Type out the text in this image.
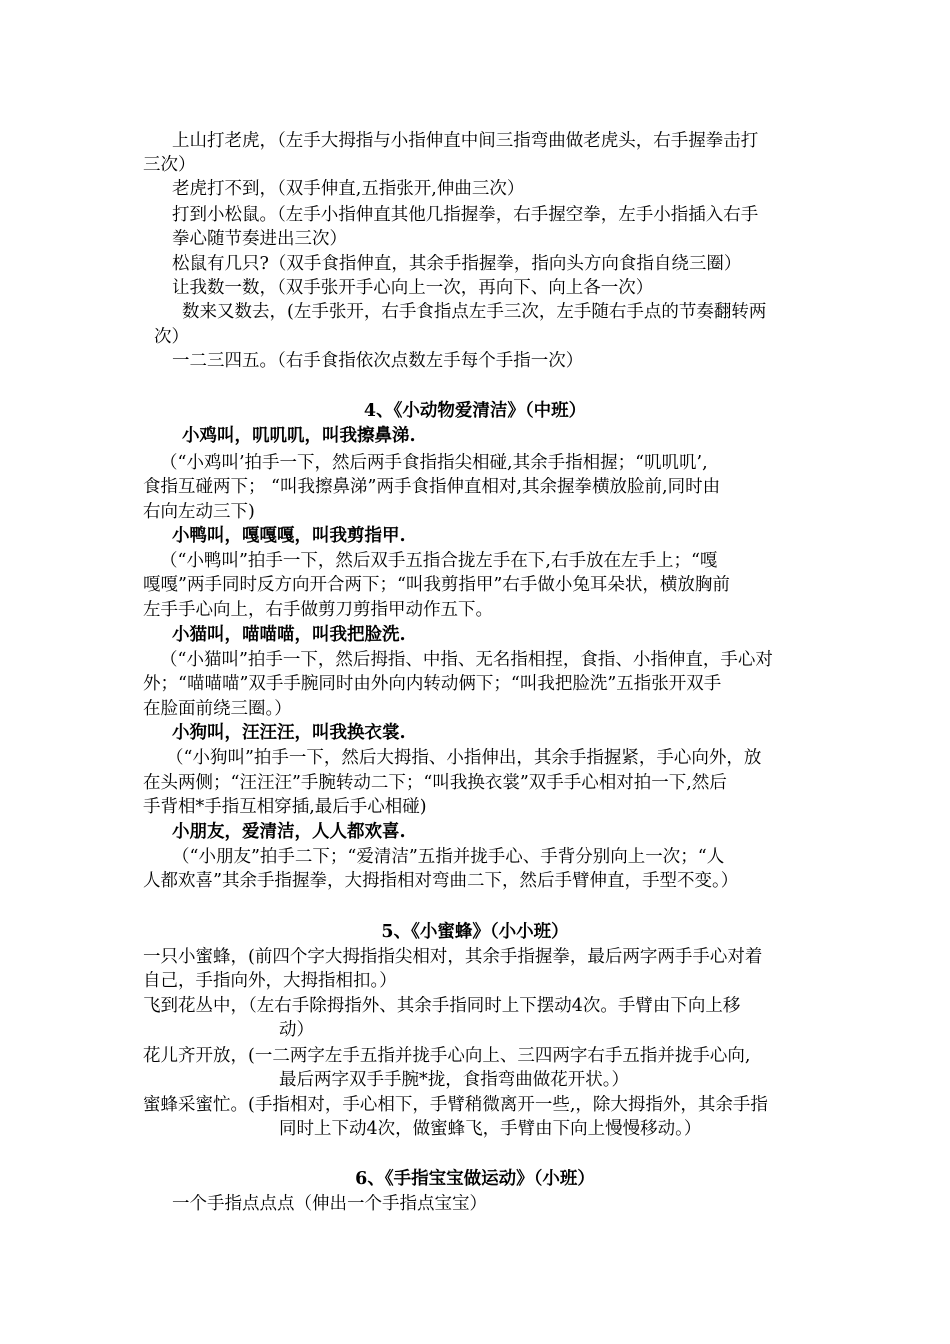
上山打老虎，（左手大拇指与小指伸直中间三指弯曲做老虎头，右手握拳击打

三次）

老虎打不到，（双手伸直,五指张开,伸曲三次）

打到小松鼠。（左手小指伸直其他几指握拳，右手握空拳，左手小指插入右手

拳心随节奏进出三次）

松鼠有几只?（双手食指伸直，其余手指握拳，指向头方向食指自绕三圈）

让我数一数，（双手张开手心向上一次，再向下、向上各一次）

数来又数去，(左手张开，右手食指点左手三次，左手随右手点的节奏翻转两

次）

一二三四五。（右手食指依次点数左手每个手指一次）

4、《小动物爱清洁》（中班）

小鸡叫，叽叽叽，叫我擦鼻涕.

（“小鸡叫’拍手一下，然后两手食指指尖相碰,其余手指相握；“叽叽叽’,

食指互碰两下； “叫我擦鼻涕”两手食指伸直相对,其余握拳横放脸前,同时由

右向左动三下)

小鸭叫，嘎嘎嘎，叫我剪指甲.

（“小鸭叫”拍手一下，然后双手五指合拢左手在下,右手放在左手上；“嘎

嘎嘎”两手同时反方向开合两下；“叫我剪指甲”右手做小兔耳朵状，横放胸前

左手手心向上，右手做剪刀剪指甲动作五下。

小猫叫，喵喵喵，叫我把脸洗.

（“小猫叫”拍手一下，然后拇指、中指、无名指相捏，食指、小指伸直，手心对

外；“喵喵喵”双手手腕同时由外向内转动俩下；“叫我把脸洗”五指张开双手

在脸面前绕三圈。）

小狗叫，汪汪汪，叫我换衣裳.

（“小狗叫”拍手一下，然后大拇指、小指伸出，其余手指握紧，手心向外，放

在头两侧；“汪汪汪”手腕转动二下；“叫我换衣裳”双手手心相对拍一下,然后

手背相*手指互相穿插,最后手心相碰)

小朋友，爱清洁，人人都欢喜.

（“小朋友”拍手二下；“爱清洁”五指并拢手心、手背分别向上一次；“人

人都欢喜”其余手指握拳，大拇指相对弯曲二下，然后手臂伸直，手型不变。）

5、《小蜜蜂》（小小班）

一只小蜜蜂，(前四个字大拇指指尖相对，其余手指握拳，最后两字两手手心对着

自己，手指向外，大拇指相扣。）

飞到花丛中，（左右手除拇指外、其余手指同时上下摆动4次。手臂由下向上移

动）

花儿齐开放，(一二两字左手五指并拢手心向上、三四两字右手五指并拢手心向,

最后两字双手手腕*拢，食指弯曲做花开状。）

蜜蜂采蜜忙。(手指相对，手心相下，手臂稍微离开一些,，除大拇指外，其余手指

同时上下动4次，做蜜蜂飞，手臂由下向上慢慢移动。）

6、《手指宝宝做运动》（小班）

一个手指点点点（伸出一个手指点宝宝）
